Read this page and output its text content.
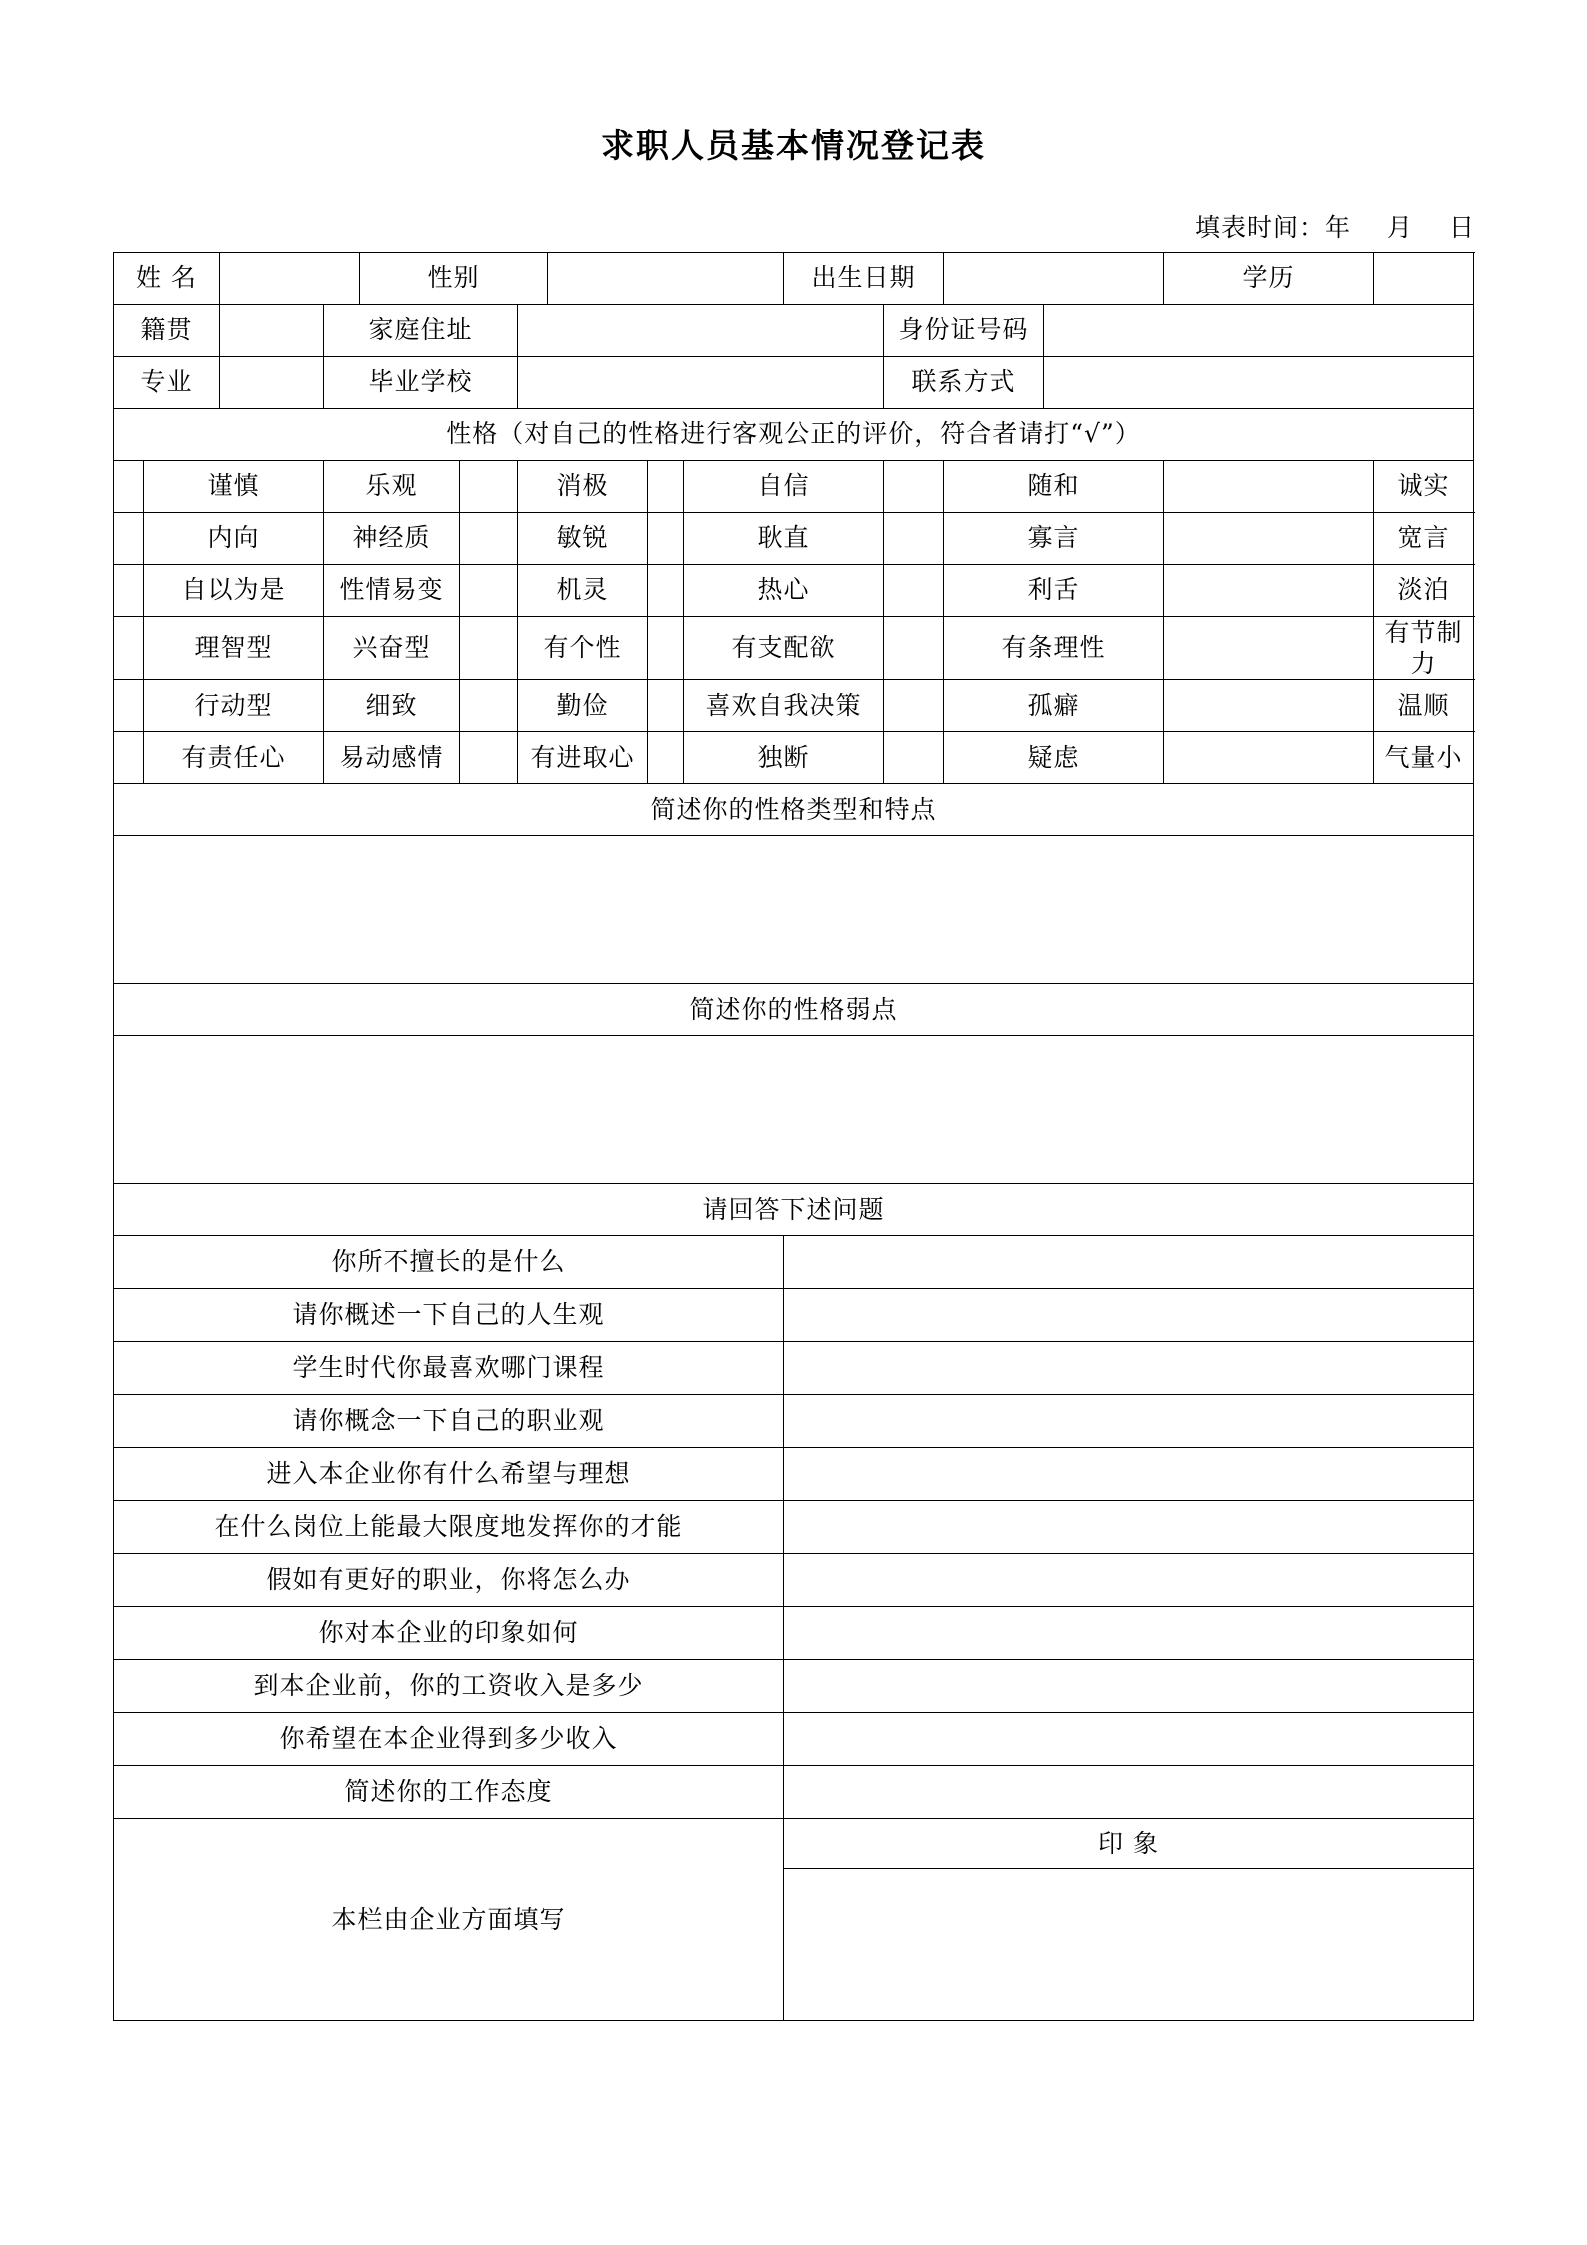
求职人员基本情况登记表
填表时间： 年 月 日
姓 名				性别						出生日期				学历	
籍贯			家庭住址								身份证号码				
专业			毕业学校								联系方式				
性格（对自己的性格进行客观公正的评价，符合者请打“√”）															
	谨慎		乐观			消极			自信			随和			诚实
	内向		神经质			敏锐			耿直			寡言			宽言
	自以为是		性情易变			机灵			热心			利舌			淡泊
	理智型		兴奋型			有个性			有支配欲			有条理性			有节制力
	行动型		细致			勤俭			喜欢自我决策			孤癖			温顺
	有责任心		易动感情			有进取心			独断			疑虑			气量小
简述你的性格类型和特点															

简述你的性格弱点															

请回答下述问题															
你所不擅长的是什么															
请你概述一下自己的人生观															
学生时代你最喜欢哪门课程															
请你概念一下自己的职业观															
进入本企业你有什么希望与理想															
在什么岗位上能最大限度地发挥你的才能															
假如有更好的职业，你将怎么办															
你对本企业的印象如何															
到本企业前，你的工资收入是多少															
你希望在本企业得到多少收入															
简述你的工作态度															
本栏由企业方面填写										印 象					
